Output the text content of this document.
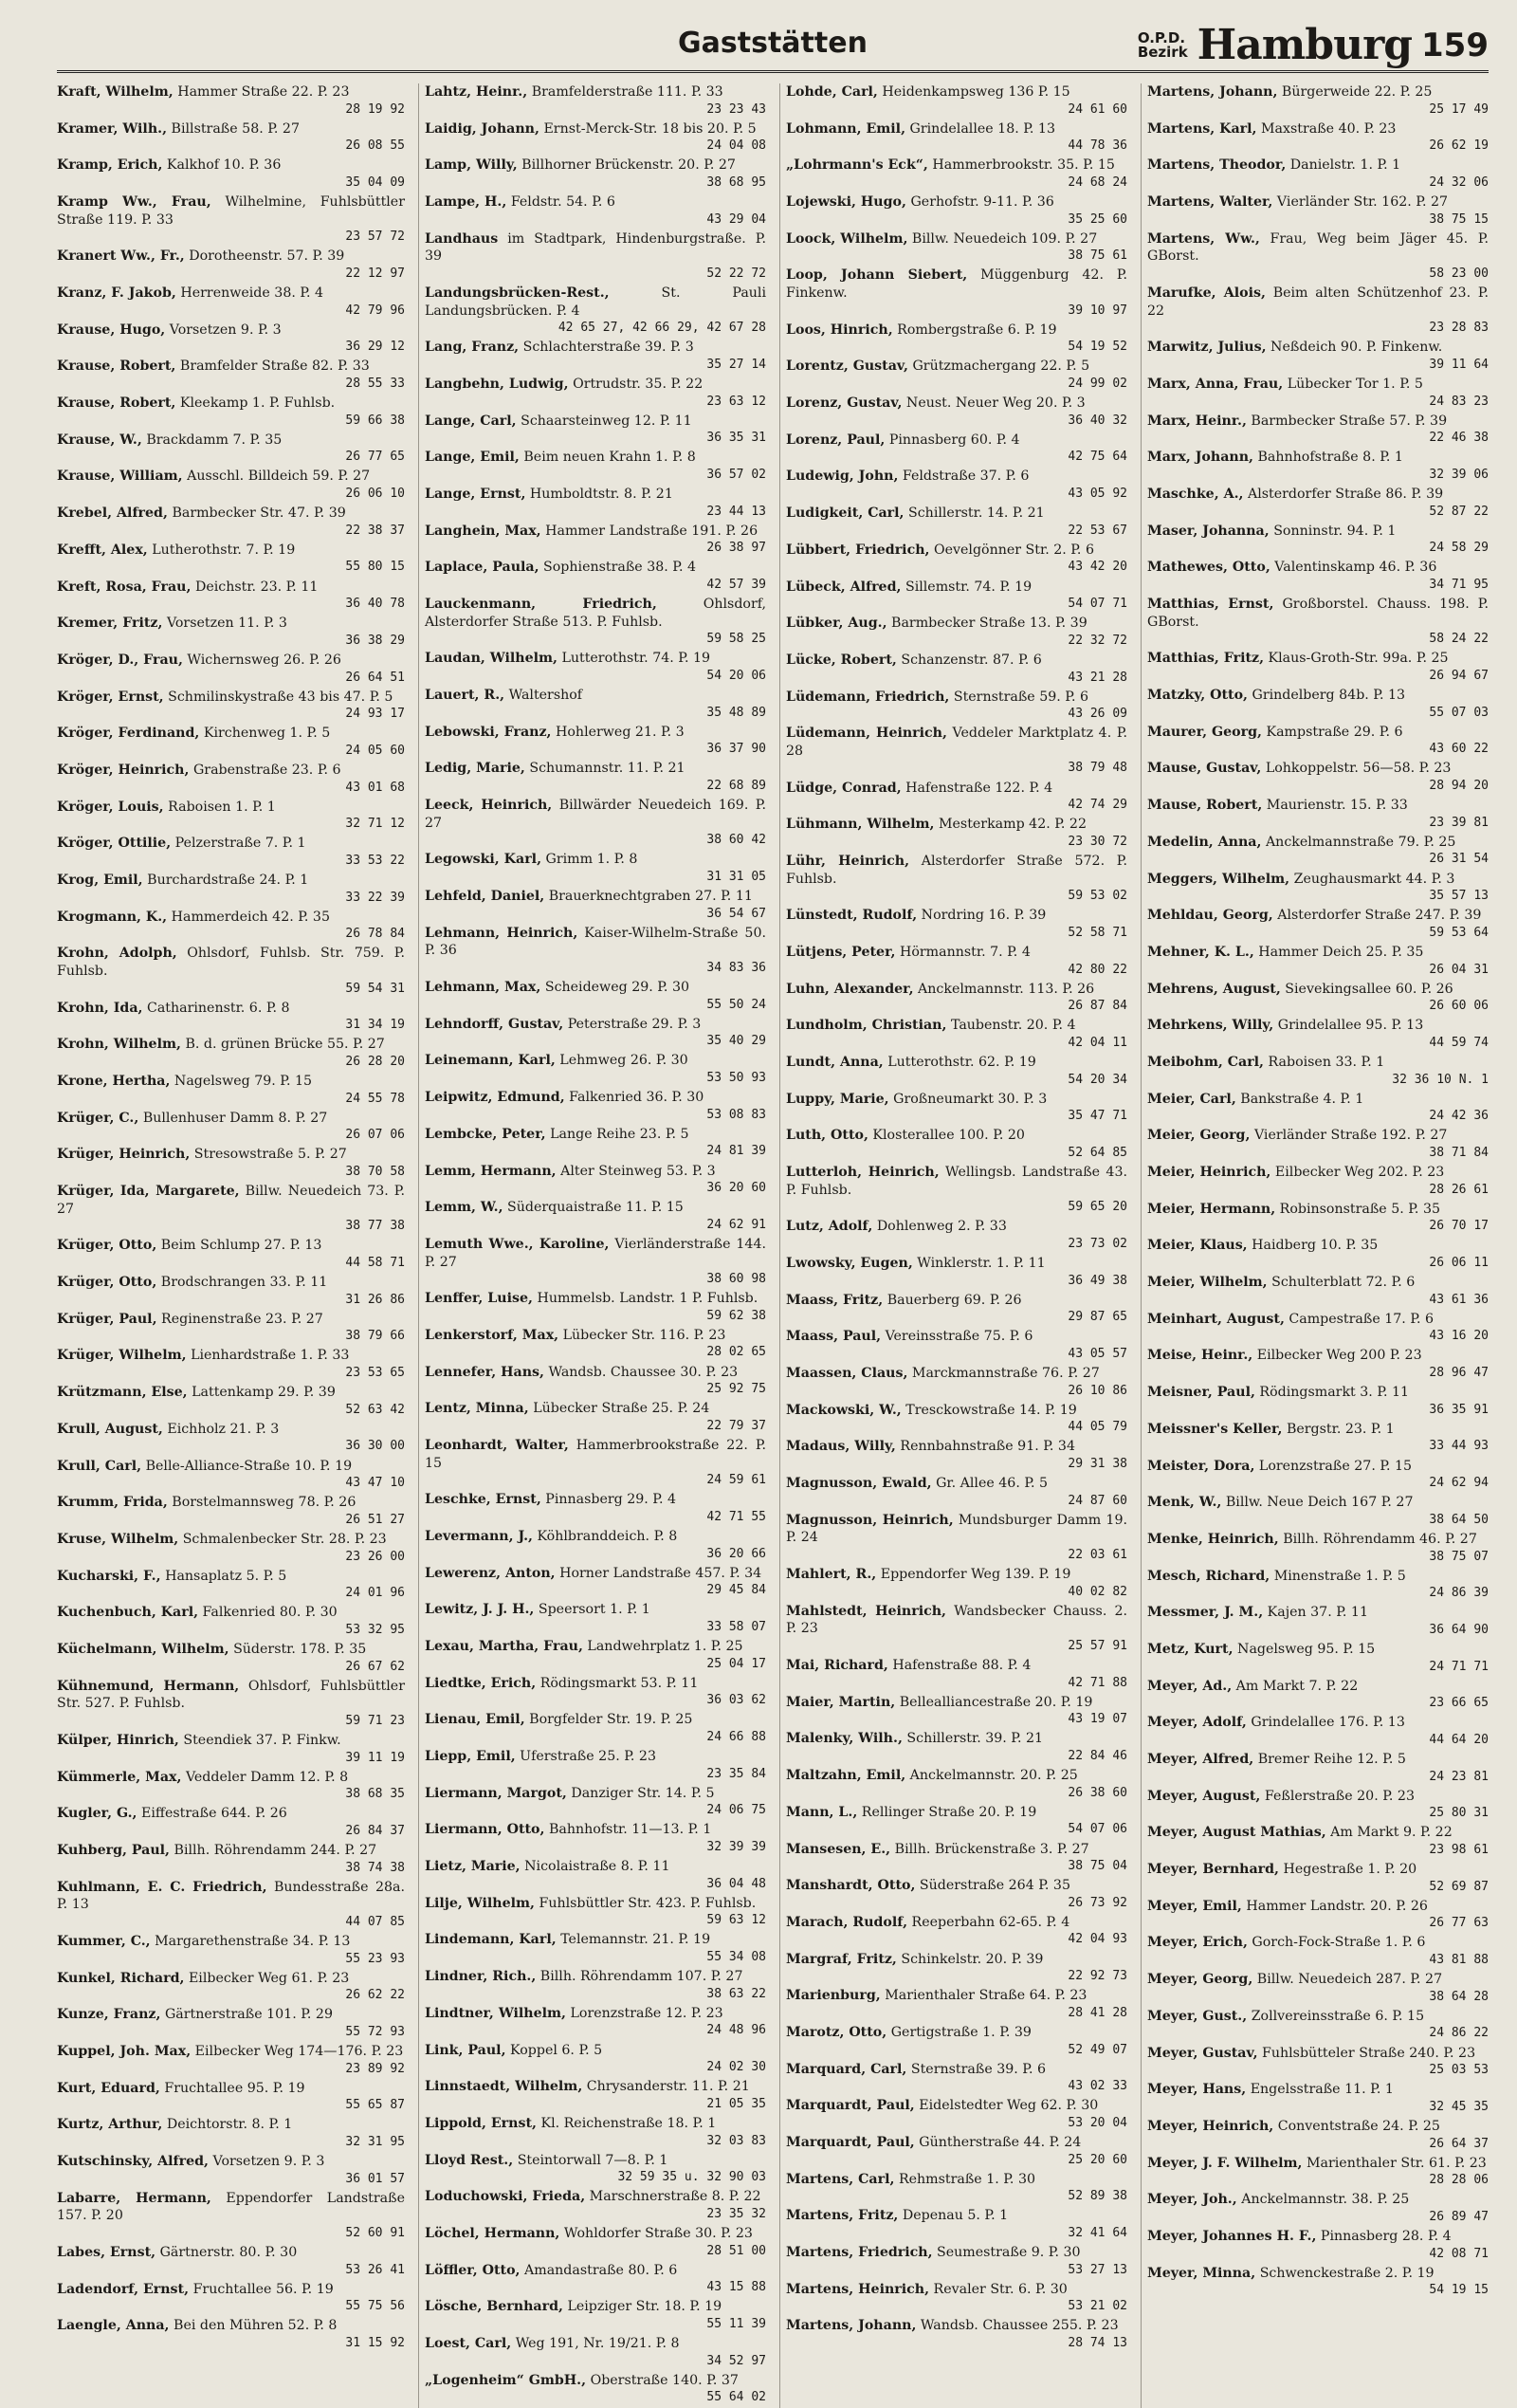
Gaststätten	O.P.D.
Bezirk Hamburg 159
Kraft, Wilhelm, Hammer Straße 22. P. 23
28 19 92
Kramer, Wilh., Billstraße 58. P. 27
26 08 55
Kramp, Erich, Kalkhof 10. P. 36
35 04 09
Kramp Ww., Frau, Wilhelmine, Fuhlsbüttler Straße 119. P. 33
23 57 72
Kranert Ww., Fr., Dorotheenstr. 57. P. 39
22 12 97
Kranz, F. Jakob, Herrenweide 38. P. 4
42 79 96
Krause, Hugo, Vorsetzen 9. P. 3
36 29 12
Krause, Robert, Bramfelder Straße 82. P. 33
28 55 33
Krause, Robert, Kleekamp 1. P. Fuhlsb.
59 66 38
Krause, W., Brackdamm 7. P. 35
26 77 65
Krause, William, Ausschl. Billdeich 59. P. 27
26 06 10
Krebel, Alfred, Barmbecker Str. 47. P. 39
22 38 37
Krefft, Alex, Lutherothstr. 7. P. 19
55 80 15
Kreft, Rosa, Frau, Deichstr. 23. P. 11
36 40 78
Kremer, Fritz, Vorsetzen 11. P. 3
36 38 29
Kröger, D., Frau, Wichernsweg 26. P. 26
26 64 51
Kröger, Ernst, Schmilinskystraße 43 bis 47. P. 5
24 93 17
Kröger, Ferdinand, Kirchenweg 1. P. 5
24 05 60
Kröger, Heinrich, Grabenstraße 23. P. 6
43 01 68
Kröger, Louis, Raboisen 1. P. 1
32 71 12
Kröger, Ottilie, Pelzerstraße 7. P. 1
33 53 22
Krog, Emil, Burchardstraße 24. P. 1
33 22 39
Krogmann, K., Hammerdeich 42. P. 35
26 78 84
Krohn, Adolph, Ohlsdorf, Fuhlsb. Str. 759. P. Fuhlsb.
59 54 31
Krohn, Ida, Catharinenstr. 6. P. 8
31 34 19
Krohn, Wilhelm, B. d. grünen Brücke 55. P. 27
26 28 20
Krone, Hertha, Nagelsweg 79. P. 15
24 55 78
Krüger, C., Bullenhuser Damm 8. P. 27
26 07 06
Krüger, Heinrich, Stresowstraße 5. P. 27
38 70 58
Krüger, Ida, Margarete, Billw. Neuedeich 73. P. 27
38 77 38
Krüger, Otto, Beim Schlump 27. P. 13
44 58 71
Krüger, Otto, Brodschrangen 33. P. 11
31 26 86
Krüger, Paul, Reginenstraße 23. P. 27
38 79 66
Krüger, Wilhelm, Lienhardstraße 1. P. 33
23 53 65
Krützmann, Else, Lattenkamp 29. P. 39
52 63 42
Krull, August, Eichholz 21. P. 3
36 30 00
Krull, Carl, Belle-Alliance-Straße 10. P. 19
43 47 10
Krumm, Frida, Borstelmannsweg 78. P. 26
26 51 27
Kruse, Wilhelm, Schmalenbecker Str. 28. P. 23
23 26 00
Kucharski, F., Hansaplatz 5. P. 5
24 01 96
Kuchenbuch, Karl, Falkenried 80. P. 30
53 32 95
Küchelmann, Wilhelm, Süderstr. 178. P. 35
26 67 62
Kühnemund, Hermann, Ohlsdorf, Fuhlsbüttler Str. 527. P. Fuhlsb.
59 71 23
Külper, Hinrich, Steendiek 37. P. Finkw.
39 11 19
Kümmerle, Max, Veddeler Damm 12. P. 8
38 68 35
Kugler, G., Eiffestraße 644. P. 26
26 84 37
Kuhberg, Paul, Billh. Röhrendamm 244. P. 27
38 74 38
Kuhlmann, E. C. Friedrich, Bundesstraße 28a. P. 13
44 07 85
Kummer, C., Margarethenstraße 34. P. 13
55 23 93
Kunkel, Richard, Eilbecker Weg 61. P. 23
26 62 22
Kunze, Franz, Gärtnerstraße 101. P. 29
55 72 93
Kuppel, Joh. Max, Eilbecker Weg 174—176. P. 23
23 89 92
Kurt, Eduard, Fruchtallee 95. P. 19
55 65 87
Kurtz, Arthur, Deichtorstr. 8. P. 1
32 31 95
Kutschinsky, Alfred, Vorsetzen 9. P. 3
36 01 57
Labarre, Hermann, Eppendorfer Landstraße 157. P. 20
52 60 91
Labes, Ernst, Gärtnerstr. 80. P. 30
53 26 41
Ladendorf, Ernst, Fruchtallee 56. P. 19
55 75 56
Laengle, Anna, Bei den Mühren 52. P. 8
31 15 92
Lahtz, Heinr., Bramfelderstraße 111. P. 33
23 23 43
Laidig, Johann, Ernst-Merck-Str. 18 bis 20. P. 5
24 04 08
Lamp, Willy, Billhorner Brückenstr. 20. P. 27
38 68 95
Lampe, H., Feldstr. 54. P. 6
43 29 04
Landhaus im Stadtpark, Hindenburgstraße. P. 39
52 22 72
Landungsbrücken-Rest.,	St. Pauli Landungsbrücken. P. 4
42 65 27, 42 66 29, 42 67 28
Lang, Franz, Schlachterstraße 39. P. 3
35 27 14
Langbehn, Ludwig, Ortrudstr. 35. P. 22
23 63 12
Lange, Carl, Schaarsteinweg 12. P. 11
36 35 31
Lange, Emil, Beim neuen Krahn 1. P. 8
36 57 02
Lange, Ernst, Humboldtstr. 8. P. 21
23 44 13
Langhein, Max, Hammer Landstraße 191. P. 26
26 38 97
Laplace, Paula, Sophienstraße 38. P. 4
42 57 39
Lauckenmann, Friedrich,	Ohlsdorf, Alsterdorfer Straße 513. P. Fuhlsb.
59 58 25
Laudan, Wilhelm, Lutterothstr. 74. P. 19
54 20 06
Lauert, R., Waltershof
35 48 89
Lebowski, Franz, Hohlerweg 21. P. 3
36 37 90
Ledig, Marie, Schumannstr. 11. P. 21
22 68 89
Leeck, Heinrich, Billwärder Neuedeich 169. P. 27
38 60 42
Legowski, Karl, Grimm 1. P. 8
31 31 05
Lehfeld, Daniel, Brauerknechtgraben 27. P. 11
36 54 67
Lehmann, Heinrich, Kaiser-Wilhelm-Straße 50. P. 36
34 83 36
Lehmann, Max, Scheideweg 29. P. 30
55 50 24
Lehndorff, Gustav, Peterstraße 29. P. 3
35 40 29
Leinemann, Karl, Lehmweg 26. P. 30
53 50 93
Leipwitz, Edmund, Falkenried 36. P. 30
53 08 83
Lembcke, Peter, Lange Reihe 23. P. 5
24 81 39
Lemm, Hermann, Alter Steinweg 53. P. 3
36 20 60
Lemm, W., Süderquaistraße 11. P. 15
24 62 91
Lemuth Wwe., Karoline, Vierländerstraße 144. P. 27
38 60 98
Lenffer, Luise, Hummelsb. Landstr. 1 P. Fuhlsb.
59 62 38
Lenkerstorf, Max, Lübecker Str. 116. P. 23
28 02 65
Lennefer, Hans, Wandsb. Chaussee 30. P. 23
25 92 75
Lentz, Minna, Lübecker Straße 25. P. 24
22 79 37
Leonhardt, Walter, Hammerbrookstraße 22. P. 15
24 59 61
Leschke, Ernst, Pinnasberg 29. P. 4
42 71 55
Levermann, J., Köhlbranddeich. P. 8
36 20 66
Lewerenz, Anton, Horner Landstraße 457. P. 34
29 45 84
Lewitz, J. J. H., Speersort 1. P. 1
33 58 07
Lexau, Martha, Frau, Landwehrplatz 1. P. 25
25 04 17
Liedtke, Erich, Rödingsmarkt 53. P. 11
36 03 62
Lienau, Emil, Borgfelder Str. 19. P. 25
24 66 88
Liepp, Emil, Uferstraße 25. P. 23
23 35 84
Liermann, Margot, Danziger Str. 14. P. 5
24 06 75
Liermann, Otto, Bahnhofstr. 11—13. P. 1
32 39 39
Lietz, Marie, Nicolaistraße 8. P. 11
36 04 48
Lilje, Wilhelm, Fuhlsbüttler Str. 423. P. Fuhlsb.
59 63 12
Lindemann, Karl, Telemannstr. 21. P. 19
55 34 08
Lindner, Rich., Billh. Röhrendamm 107. P. 27
38 63 22
Lindtner, Wilhelm, Lorenzstraße 12. P. 23
24 48 96
Link, Paul, Koppel 6. P. 5
24 02 30
Linnstaedt, Wilhelm, Chrysanderstr. 11. P. 21
21 05 35
Lippold, Ernst, Kl. Reichenstraße 18. P. 1
32 03 83
Lloyd Rest., Steintorwall 7—8. P. 1
32 59 35 u. 32 90 03
Loduchowski, Frieda, Marschnerstraße 8. P. 22
23 35 32
Löchel, Hermann, Wohldorfer Straße 30. P. 23
28 51 00
Löffler, Otto, Amandastraße 80. P. 6
43 15 88
Lösche, Bernhard, Leipziger Str. 18. P. 19
55 11 39
Loest, Carl, Weg 191, Nr. 19/21. P. 8
34 52 97
„Logenheim“ GmbH., Oberstraße 140. P. 37
55 64 02
Lohde, Carl, Heidenkampsweg 136 P. 15
24 61 60
Lohmann, Emil, Grindelallee 18. P. 13
44 78 36
„Lohrmann's Eck“, Hammerbrookstr. 35. P. 15
24 68 24
Lojewski, Hugo, Gerhofstr. 9-11. P. 36
35 25 60
Loock, Wilhelm, Billw. Neuedeich 109. P. 27
38 75 61
Loop, Johann Siebert, Müggenburg 42. P. Finkenw.
39 10 97
Loos, Hinrich, Rombergstraße 6. P. 19
54 19 52
Lorentz, Gustav, Grützmachergang 22. P. 5
24 99 02
Lorenz, Gustav, Neust. Neuer Weg 20. P. 3
36 40 32
Lorenz, Paul, Pinnasberg 60. P. 4
42 75 64
Ludewig, John, Feldstraße 37. P. 6
43 05 92
Ludigkeit, Carl, Schillerstr. 14. P. 21
22 53 67
Lübbert, Friedrich, Oevelgönner Str. 2. P. 6
43 42 20
Lübeck, Alfred, Sillemstr. 74. P. 19
54 07 71
Lübker, Aug., Barmbecker Straße 13. P. 39
22 32 72
Lücke, Robert, Schanzenstr. 87. P. 6
43 21 28
Lüdemann, Friedrich, Sternstraße 59. P. 6
43 26 09
Lüdemann, Heinrich, Veddeler Marktplatz 4. P. 28
38 79 48
Lüdge, Conrad, Hafenstraße 122. P. 4
42 74 29
Lühmann, Wilhelm, Mesterkamp 42. P. 22
23 30 72
Lühr, Heinrich, Alsterdorfer Straße 572. P. Fuhlsb.
59 53 02
Lünstedt, Rudolf, Nordring 16. P. 39
52 58 71
Lütjens, Peter, Hörmannstr. 7. P. 4
42 80 22
Luhn, Alexander, Anckelmannstr. 113. P. 26
26 87 84
Lundholm, Christian, Taubenstr. 20. P. 4
42 04 11
Lundt, Anna, Lutterothstr. 62. P. 19
54 20 34
Luppy, Marie, Großneumarkt 30. P. 3
35 47 71
Luth, Otto, Klosterallee 100. P. 20
52 64 85
Lutterloh, Heinrich, Wellingsb. Landstraße 43. P. Fuhlsb.
59 65 20
Lutz, Adolf, Dohlenweg 2. P. 33
23 73 02
Lwowsky, Eugen, Winklerstr. 1. P. 11
36 49 38
Maass, Fritz, Bauerberg 69. P. 26
29 87 65
Maass, Paul, Vereinsstraße 75. P. 6
43 05 57
Maassen, Claus, Marckmannstraße 76. P. 27
26 10 86
Mackowski, W., Tresckowstraße 14. P. 19
44 05 79
Madaus, Willy, Rennbahnstraße 91. P. 34
29 31 38
Magnusson, Ewald, Gr. Allee 46. P. 5
24 87 60
Magnusson, Heinrich, Mundsburger Damm 19. P. 24
22 03 61
Mahlert, R., Eppendorfer Weg 139. P. 19
40 02 82
Mahlstedt, Heinrich, Wandsbecker Chauss. 2. P. 23
25 57 91
Mai, Richard, Hafenstraße 88. P. 4
42 71 88
Maier, Martin, Bellealliancestraße 20. P. 19
43 19 07
Malenky, Wilh., Schillerstr. 39. P. 21
22 84 46
Maltzahn, Emil, Anckelmannstr. 20. P. 25
26 38 60
Mann, L., Rellinger Straße 20. P. 19
54 07 06
Mansesen, E., Billh. Brückenstraße 3. P. 27
38 75 04
Manshardt, Otto, Süderstraße 264 P. 35
26 73 92
Marach, Rudolf, Reeperbahn 62-65. P. 4
42 04 93
Margraf, Fritz, Schinkelstr. 20. P. 39
22 92 73
Marienburg, Marienthaler Straße 64. P. 23
28 41 28
Marotz, Otto, Gertigstraße 1. P. 39
52 49 07
Marquard, Carl, Sternstraße 39. P. 6
43 02 33
Marquardt, Paul, Eidelstedter Weg 62. P. 30
53 20 04
Marquardt, Paul, Güntherstraße 44. P. 24
25 20 60
Martens, Carl, Rehmstraße 1. P. 30
52 89 38
Martens, Fritz, Depenau 5. P. 1
32 41 64
Martens, Friedrich, Seumestraße 9. P. 30
53 27 13
Martens, Heinrich, Revaler Str. 6. P. 30
53 21 02
Martens, Johann, Wandsb. Chaussee 255. P. 23
28 74 13
Martens, Johann, Bürgerweide 22. P. 25
25 17 49
Martens, Karl, Maxstraße 40. P. 23
26 62 19
Martens, Theodor, Danielstr. 1. P. 1
24 32 06
Martens, Walter, Vierländer Str. 162. P. 27
38 75 15
Martens, Ww., Frau, Weg beim Jäger 45. P. GBorst.
58 23 00
Marufke, Alois, Beim alten Schützenhof 23. P. 22
23 28 83
Marwitz, Julius, Neßdeich 90. P. Finkenw.
39 11 64
Marx, Anna, Frau, Lübecker Tor 1. P. 5
24 83 23
Marx, Heinr., Barmbecker Straße 57. P. 39
22 46 38
Marx, Johann, Bahnhofstraße 8. P. 1
32 39 06
Maschke, A., Alsterdorfer Straße 86. P. 39
52 87 22
Maser, Johanna, Sonninstr. 94. P. 1
24 58 29
Mathewes, Otto, Valentinskamp 46. P. 36
34 71 95
Matthias, Ernst, Großborstel. Chauss. 198. P. GBorst.
58 24 22
Matthias, Fritz, Klaus-Groth-Str. 99a. P. 25
26 94 67
Matzky, Otto, Grindelberg 84b. P. 13
55 07 03
Maurer, Georg, Kampstraße 29. P. 6
43 60 22
Mause, Gustav, Lohkoppelstr. 56—58. P. 23
28 94 20
Mause, Robert, Maurienstr. 15. P. 33
23 39 81
Medelin, Anna, Anckelmannstraße 79. P. 25
26 31 54
Meggers, Wilhelm, Zeughausmarkt 44. P. 3
35 57 13
Mehldau, Georg, Alsterdorfer Straße 247. P. 39
59 53 64
Mehner, K. L., Hammer Deich 25. P. 35
26 04 31
Mehrens, August, Sievekingsallee 60. P. 26
26 60 06
Mehrkens, Willy, Grindelallee 95. P. 13
44 59 74
Meibohm, Carl, Raboisen 33. P. 1
32 36 10 N. 1
Meier, Carl, Bankstraße 4. P. 1
24 42 36
Meier, Georg, Vierländer Straße 192. P. 27
38 71 84
Meier, Heinrich, Eilbecker Weg 202. P. 23
28 26 61
Meier, Hermann, Robinsonstraße 5. P. 35
26 70 17
Meier, Klaus, Haidberg 10. P. 35
26 06 11
Meier, Wilhelm, Schulterblatt 72. P. 6
43 61 36
Meinhart, August, Campestraße 17. P. 6
43 16 20
Meise, Heinr., Eilbecker Weg 200 P. 23
28 96 47
Meisner, Paul, Rödingsmarkt 3. P. 11
36 35 91
Meissner's Keller, Bergstr. 23. P. 1
33 44 93
Meister, Dora, Lorenzstraße 27. P. 15
24 62 94
Menk, W., Billw. Neue Deich 167 P. 27
38 64 50
Menke, Heinrich, Billh. Röhrendamm 46. P. 27
38 75 07
Mesch, Richard, Minenstraße 1. P. 5
24 86 39
Messmer, J. M., Kajen 37. P. 11
36 64 90
Metz, Kurt, Nagelsweg 95. P. 15
24 71 71
Meyer, Ad., Am Markt 7. P. 22
23 66 65
Meyer, Adolf, Grindelallee 176. P. 13
44 64 20
Meyer, Alfred, Bremer Reihe 12. P. 5
24 23 81
Meyer, August, Feßlerstraße 20. P. 23
25 80 31
Meyer, August Mathias, Am Markt 9. P. 22
23 98 61
Meyer, Bernhard, Hegestraße 1. P. 20
52 69 87
Meyer, Emil, Hammer Landstr. 20. P. 26
26 77 63
Meyer, Erich, Gorch-Fock-Straße 1. P. 6
43 81 88
Meyer, Georg, Billw. Neuedeich 287. P. 27
38 64 28
Meyer, Gust., Zollvereinsstraße 6. P. 15
24 86 22
Meyer, Gustav, Fuhlsbütteler Straße 240. P. 23
25 03 53
Meyer, Hans, Engelsstraße 11. P. 1
32 45 35
Meyer, Heinrich, Conventstraße 24. P. 25
26 64 37
Meyer, J. F. Wilhelm, Marienthaler Str. 61. P. 23
28 28 06
Meyer, Joh., Anckelmannstr. 38. P. 25
26 89 47
Meyer, Johannes H. F., Pinnasberg 28. P. 4
42 08 71
Meyer, Minna, Schwenckestraße 2. P. 19
54 19 15
